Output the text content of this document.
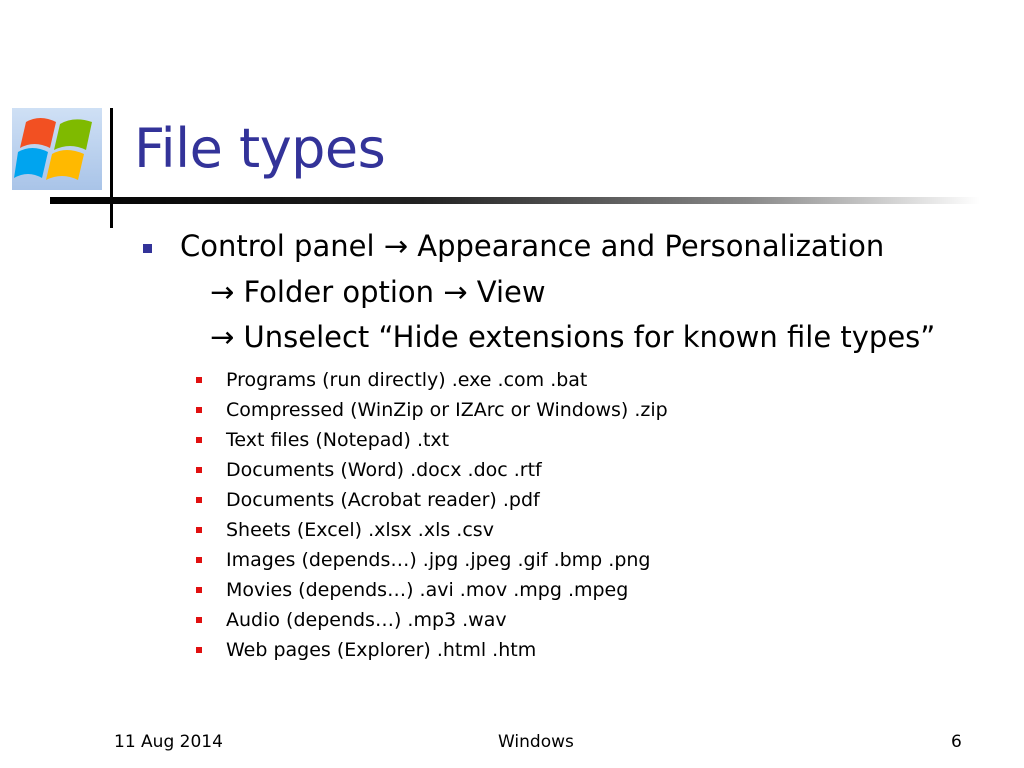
File types
Control panel → Appearance and Personalization
→ Folder option → View
→ Unselect “Hide extensions for known file types”
Programs (run directly) .exe .com .bat
Compressed (WinZip or IZArc or Windows) .zip
Text files (Notepad) .txt
Documents (Word) .docx .doc .rtf
Documents (Acrobat reader) .pdf
Sheets (Excel) .xlsx .xls .csv
Images (depends…) .jpg .jpeg .gif .bmp .png
Movies (depends…) .avi .mov .mpg .mpeg
Audio (depends…) .mp3 .wav
Web pages (Explorer) .html .htm
11 Aug 2014	Windows	6
